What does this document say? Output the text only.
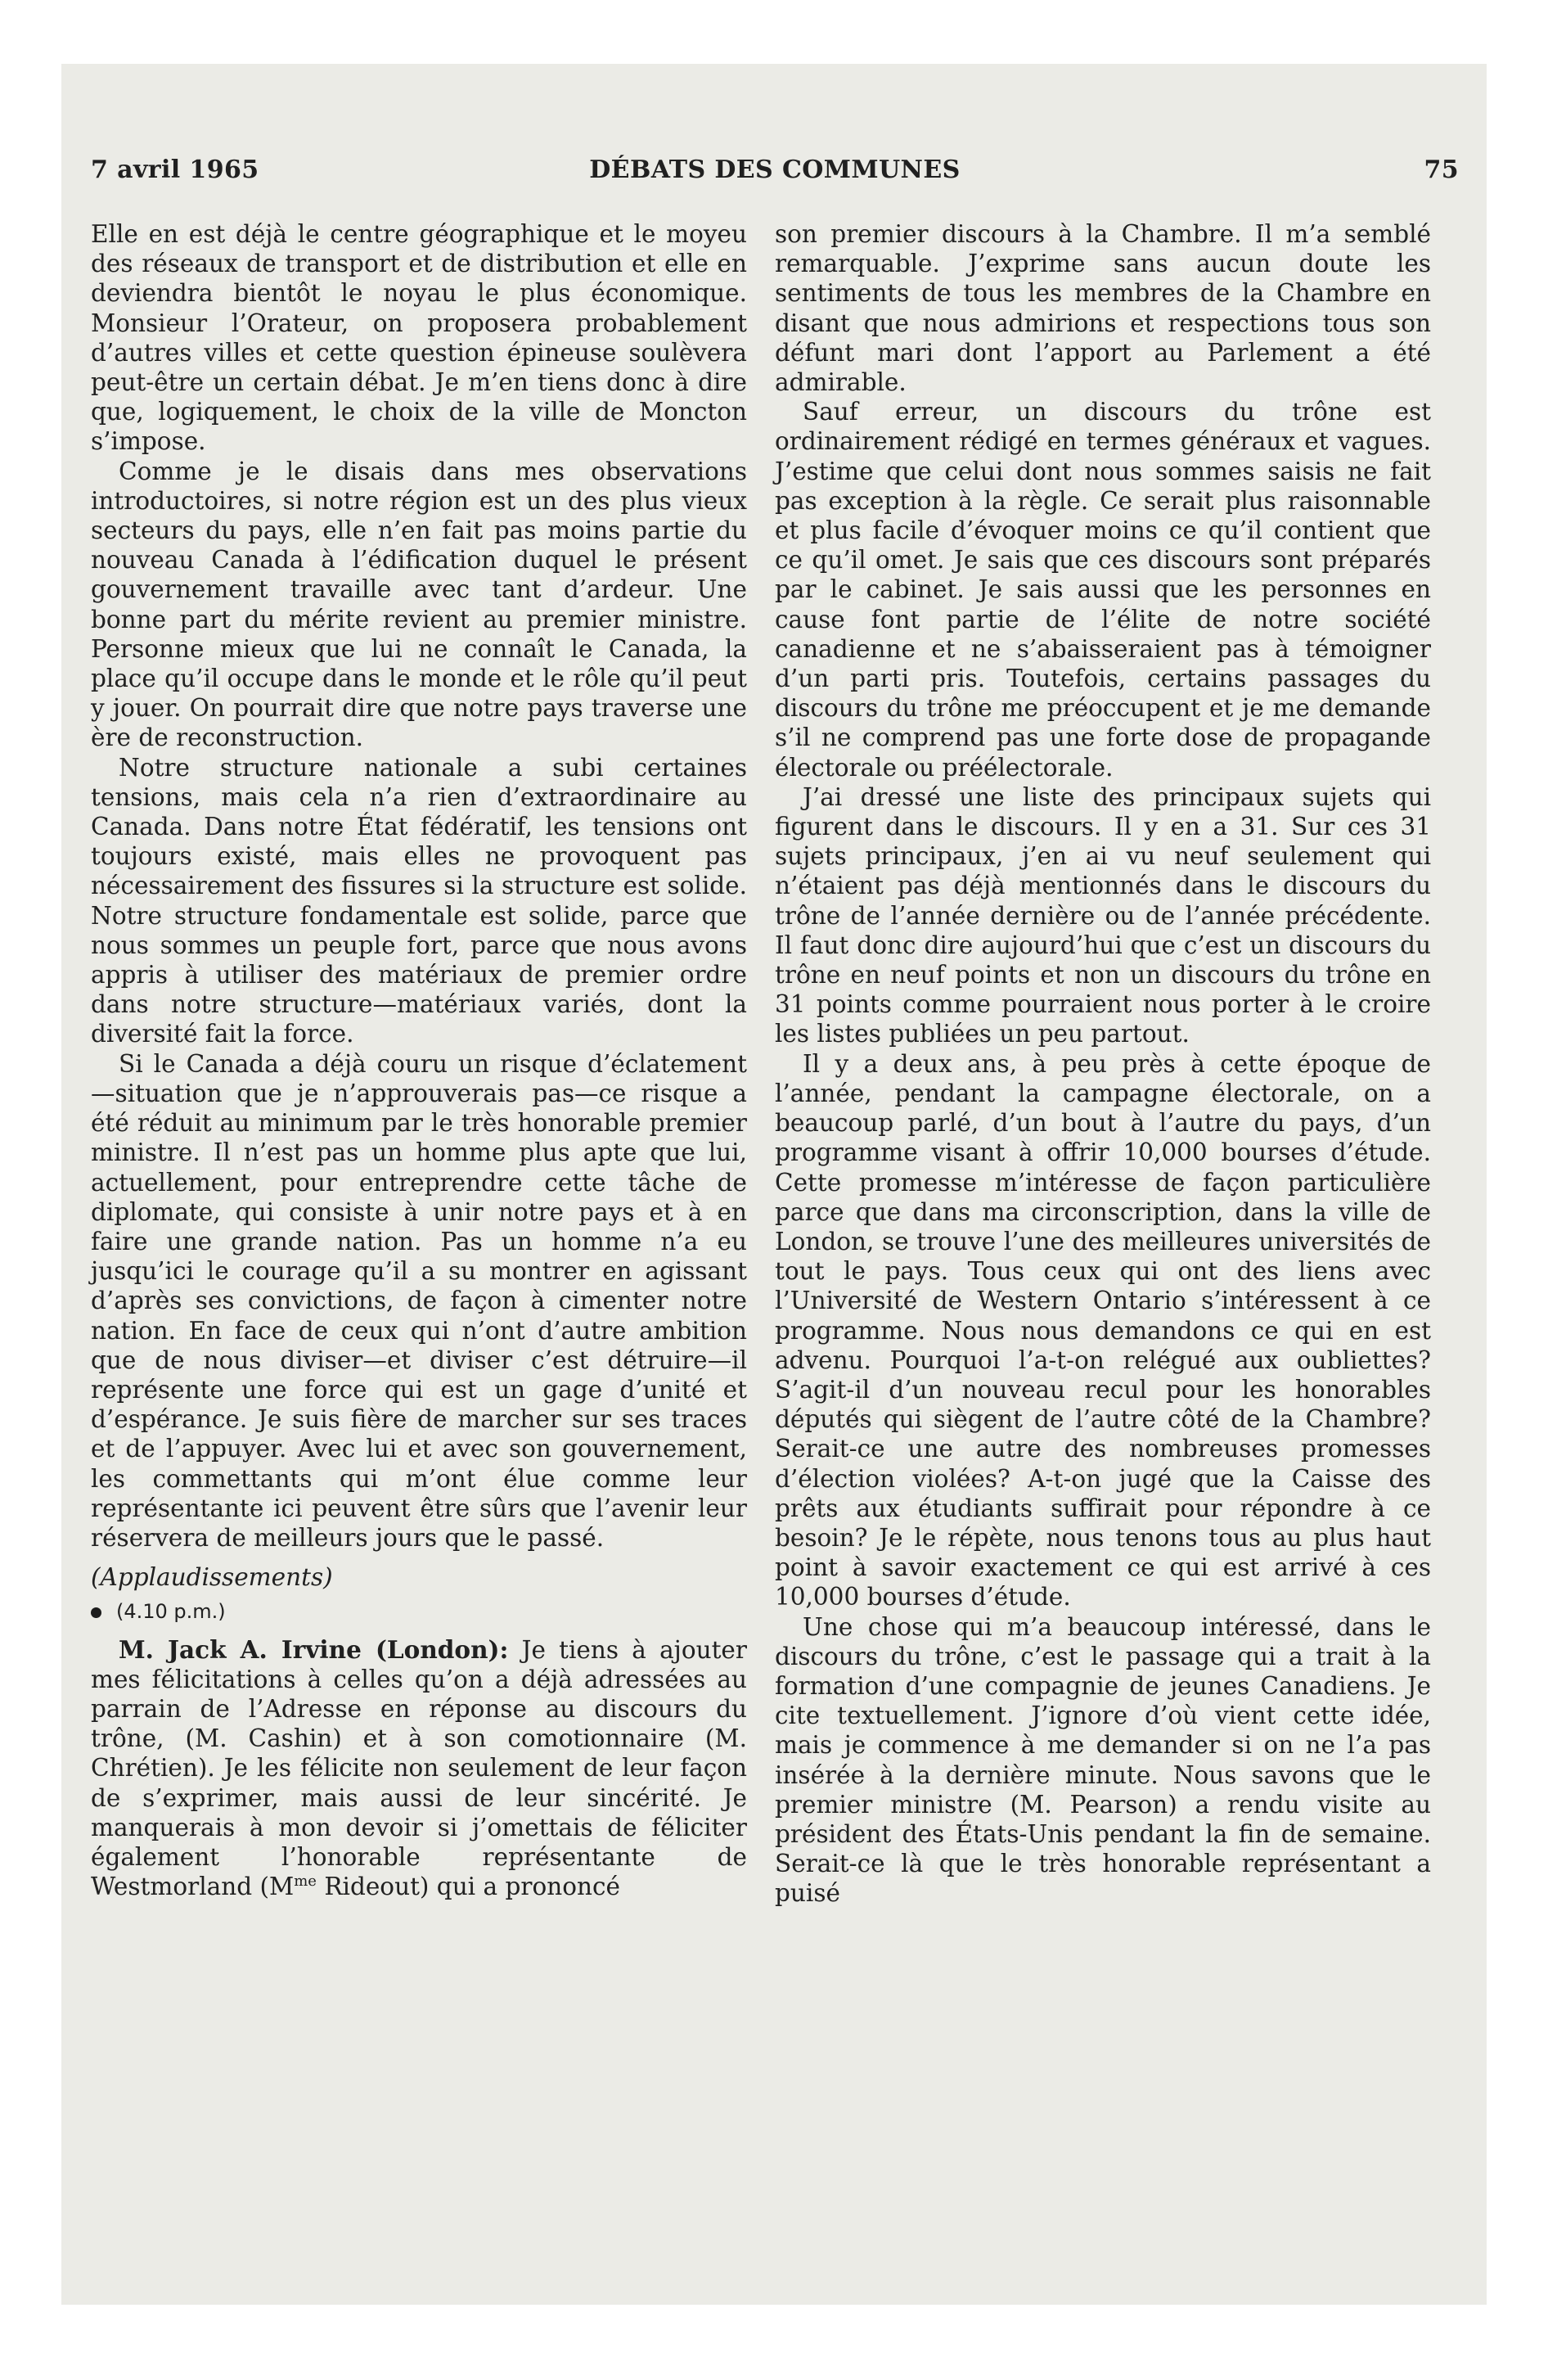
7 avril 1965	DÉBATS DES COMMUNES	75

Elle en est déjà le centre géographique et le moyeu des réseaux de transport et de distribution et elle en deviendra bientôt le noyau le plus économique. Monsieur l’Orateur, on proposera probablement d’autres villes et cette question épineuse soulèvera peut-être un certain débat. Je m’en tiens donc à dire que, logiquement, le choix de la ville de Moncton s’impose.

Comme je le disais dans mes observations introductoires, si notre région est un des plus vieux secteurs du pays, elle n’en fait pas moins partie du nouveau Canada à l’édification duquel le présent gouvernement travaille avec tant d’ardeur. Une bonne part du mérite revient au premier ministre. Personne mieux que lui ne connaît le Canada, la place qu’il occupe dans le monde et le rôle qu’il peut y jouer. On pourrait dire que notre pays traverse une ère de reconstruction.

Notre structure nationale a subi certaines tensions, mais cela n’a rien d’extraordinaire au Canada. Dans notre État fédératif, les tensions ont toujours existé, mais elles ne provoquent pas nécessairement des fissures si la structure est solide. Notre structure fondamentale est solide, parce que nous sommes un peuple fort, parce que nous avons appris à utiliser des matériaux de premier ordre dans notre structure—matériaux variés, dont la diversité fait la force.

Si le Canada a déjà couru un risque d’éclatement—situation que je n’approuverais pas—ce risque a été réduit au minimum par le très honorable premier ministre. Il n’est pas un homme plus apte que lui, actuellement, pour entreprendre cette tâche de diplomate, qui consiste à unir notre pays et à en faire une grande nation. Pas un homme n’a eu jusqu’ici le courage qu’il a su montrer en agissant d’après ses convictions, de façon à cimenter notre nation. En face de ceux qui n’ont d’autre ambition que de nous diviser—et diviser c’est détruire—il représente une force qui est un gage d’unité et d’espérance. Je suis fière de marcher sur ses traces et de l’appuyer. Avec lui et avec son gouvernement, les commettants qui m’ont élue comme leur représentante ici peuvent être sûrs que l’avenir leur réservera de meilleurs jours que le passé.

(Applaudissements)

(4.10 p.m.)

M. Jack A. Irvine (London): Je tiens à ajouter mes félicitations à celles qu’on a déjà adressées au parrain de l’Adresse en réponse au discours du trône, (M. Cashin) et à son comotionnaire (M. Chrétien). Je les félicite non seulement de leur façon de s’exprimer, mais aussi de leur sincérité. Je manquerais à mon devoir si j’omettais de féliciter également l’honorable représentante de Westmorland ($M^{me}$ Rideout) qui a prononcé

son premier discours à la Chambre. Il m’a semblé remarquable. J’exprime sans aucun doute les sentiments de tous les membres de la Chambre en disant que nous admirions et respections tous son défunt mari dont l’apport au Parlement a été admirable.

Sauf erreur, un discours du trône est ordinairement rédigé en termes généraux et vagues. J’estime que celui dont nous sommes saisis ne fait pas exception à la règle. Ce serait plus raisonnable et plus facile d’évoquer moins ce qu’il contient que ce qu’il omet. Je sais que ces discours sont préparés par le cabinet. Je sais aussi que les personnes en cause font partie de l’élite de notre société canadienne et ne s’abaisseraient pas à témoigner d’un parti pris. Toutefois, certains passages du discours du trône me préoccupent et je me demande s’il ne comprend pas une forte dose de propagande électorale ou préélectorale.

J’ai dressé une liste des principaux sujets qui figurent dans le discours. Il y en a 31. Sur ces 31 sujets principaux, j’en ai vu neuf seulement qui n’étaient pas déjà mentionnés dans le discours du trône de l’année dernière ou de l’année précédente. Il faut donc dire aujourd’hui que c’est un discours du trône en neuf points et non un discours du trône en 31 points comme pourraient nous porter à le croire les listes publiées un peu partout.

Il y a deux ans, à peu près à cette époque de l’année, pendant la campagne électorale, on a beaucoup parlé, d’un bout à l’autre du pays, d’un programme visant à offrir 10,000 bourses d’étude. Cette promesse m’intéresse de façon particulière parce que dans ma circonscription, dans la ville de London, se trouve l’une des meilleures universités de tout le pays. Tous ceux qui ont des liens avec l’Université de Western Ontario s’intéressent à ce programme. Nous nous demandons ce qui en est advenu. Pourquoi l’a-t-on relégué aux oubliettes? S’agit-il d’un nouveau recul pour les honorables députés qui siègent de l’autre côté de la Chambre? Serait-ce une autre des nombreuses promesses d’élection violées? A-t-on jugé que la Caisse des prêts aux étudiants suffirait pour répondre à ce besoin? Je le répète, nous tenons tous au plus haut point à savoir exactement ce qui est arrivé à ces 10,000 bourses d’étude.

Une chose qui m’a beaucoup intéressé, dans le discours du trône, c’est le passage qui a trait à la formation d’une compagnie de jeunes Canadiens. Je cite textuellement. J’ignore d’où vient cette idée, mais je commence à me demander si on ne l’a pas insérée à la dernière minute. Nous savons que le premier ministre (M. Pearson) a rendu visite au président des États-Unis pendant la fin de semaine. Serait-ce là que le très honorable représentant a puisé
